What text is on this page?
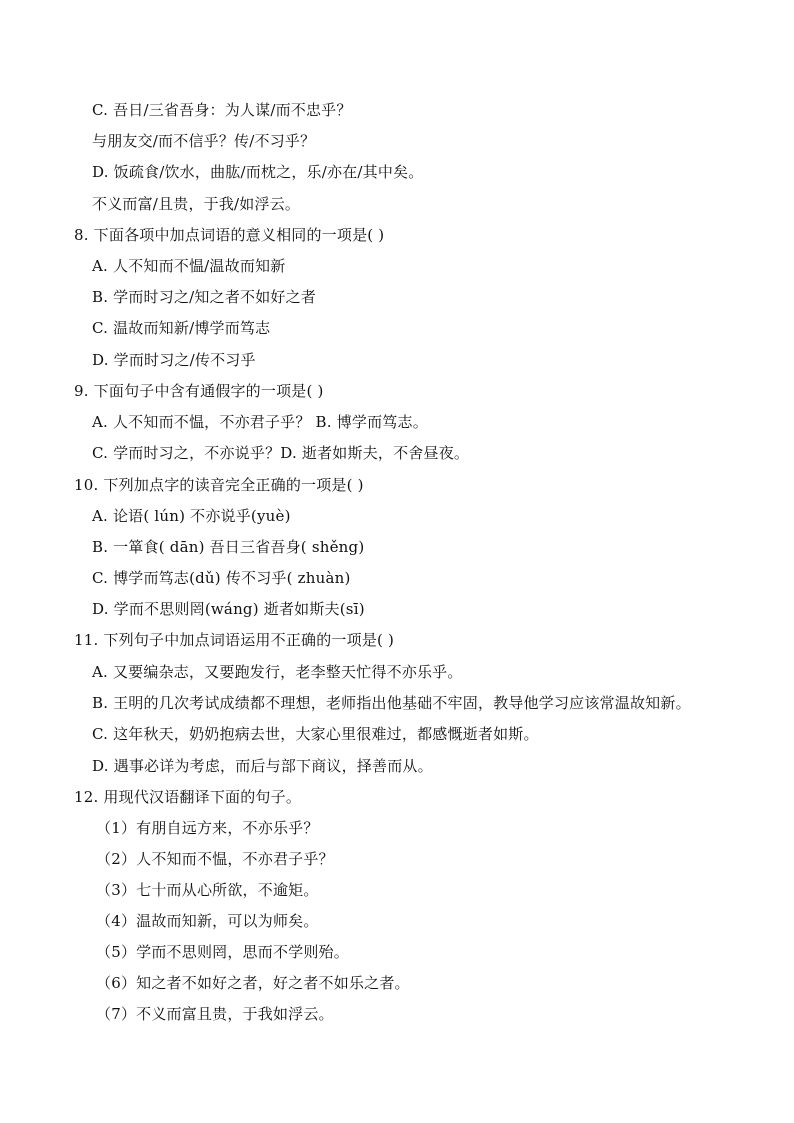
C. 吾日/三省吾身：为人谋/而不忠乎？
与朋友交/而不信乎？传/不习乎？
D. 饭疏食/饮水，曲肱/而枕之，乐/亦在/其中矣。
不义而富/且贵，于我/如浮云。
8. 下面各项中加点词语的意义相同的一项是( )
A. 人不知而不愠/温故而知新
B. 学而时习之/知之者不如好之者
C. 温故而知新/博学而笃志
D. 学而时习之/传不习乎
9. 下面句子中含有通假字的一项是( )
A. 人不知而不愠，不亦君子乎？ B. 博学而笃志。
C. 学而时习之，不亦说乎？D. 逝者如斯夫，不舍昼夜。
10. 下列加点字的读音完全正确的一项是( )
A. 论语( lún) 不亦说乎(yuè)
B. 一箪食( dān) 吾日三省吾身( shěng)
C. 博学而笃志(dǔ) 传不习乎( zhuàn)
D. 学而不思则罔(wáng) 逝者如斯夫(sī)
11. 下列句子中加点词语运用不正确的一项是( )
A. 又要编杂志，又要跑发行，老李整天忙得不亦乐乎。
B. 王明的几次考试成绩都不理想，老师指出他基础不牢固，教导他学习应该常温故知新。
C. 这年秋天，奶奶抱病去世，大家心里很难过，都感慨逝者如斯。
D. 遇事必详为考虑，而后与部下商议，择善而从。
12. 用现代汉语翻译下面的句子。
（1）有朋自远方来，不亦乐乎？
（2）人不知而不愠，不亦君子乎？
（3）七十而从心所欲，不逾矩。
（4）温故而知新，可以为师矣。
（5）学而不思则罔，思而不学则殆。
（6）知之者不如好之者，好之者不如乐之者。
（7）不义而富且贵，于我如浮云。
